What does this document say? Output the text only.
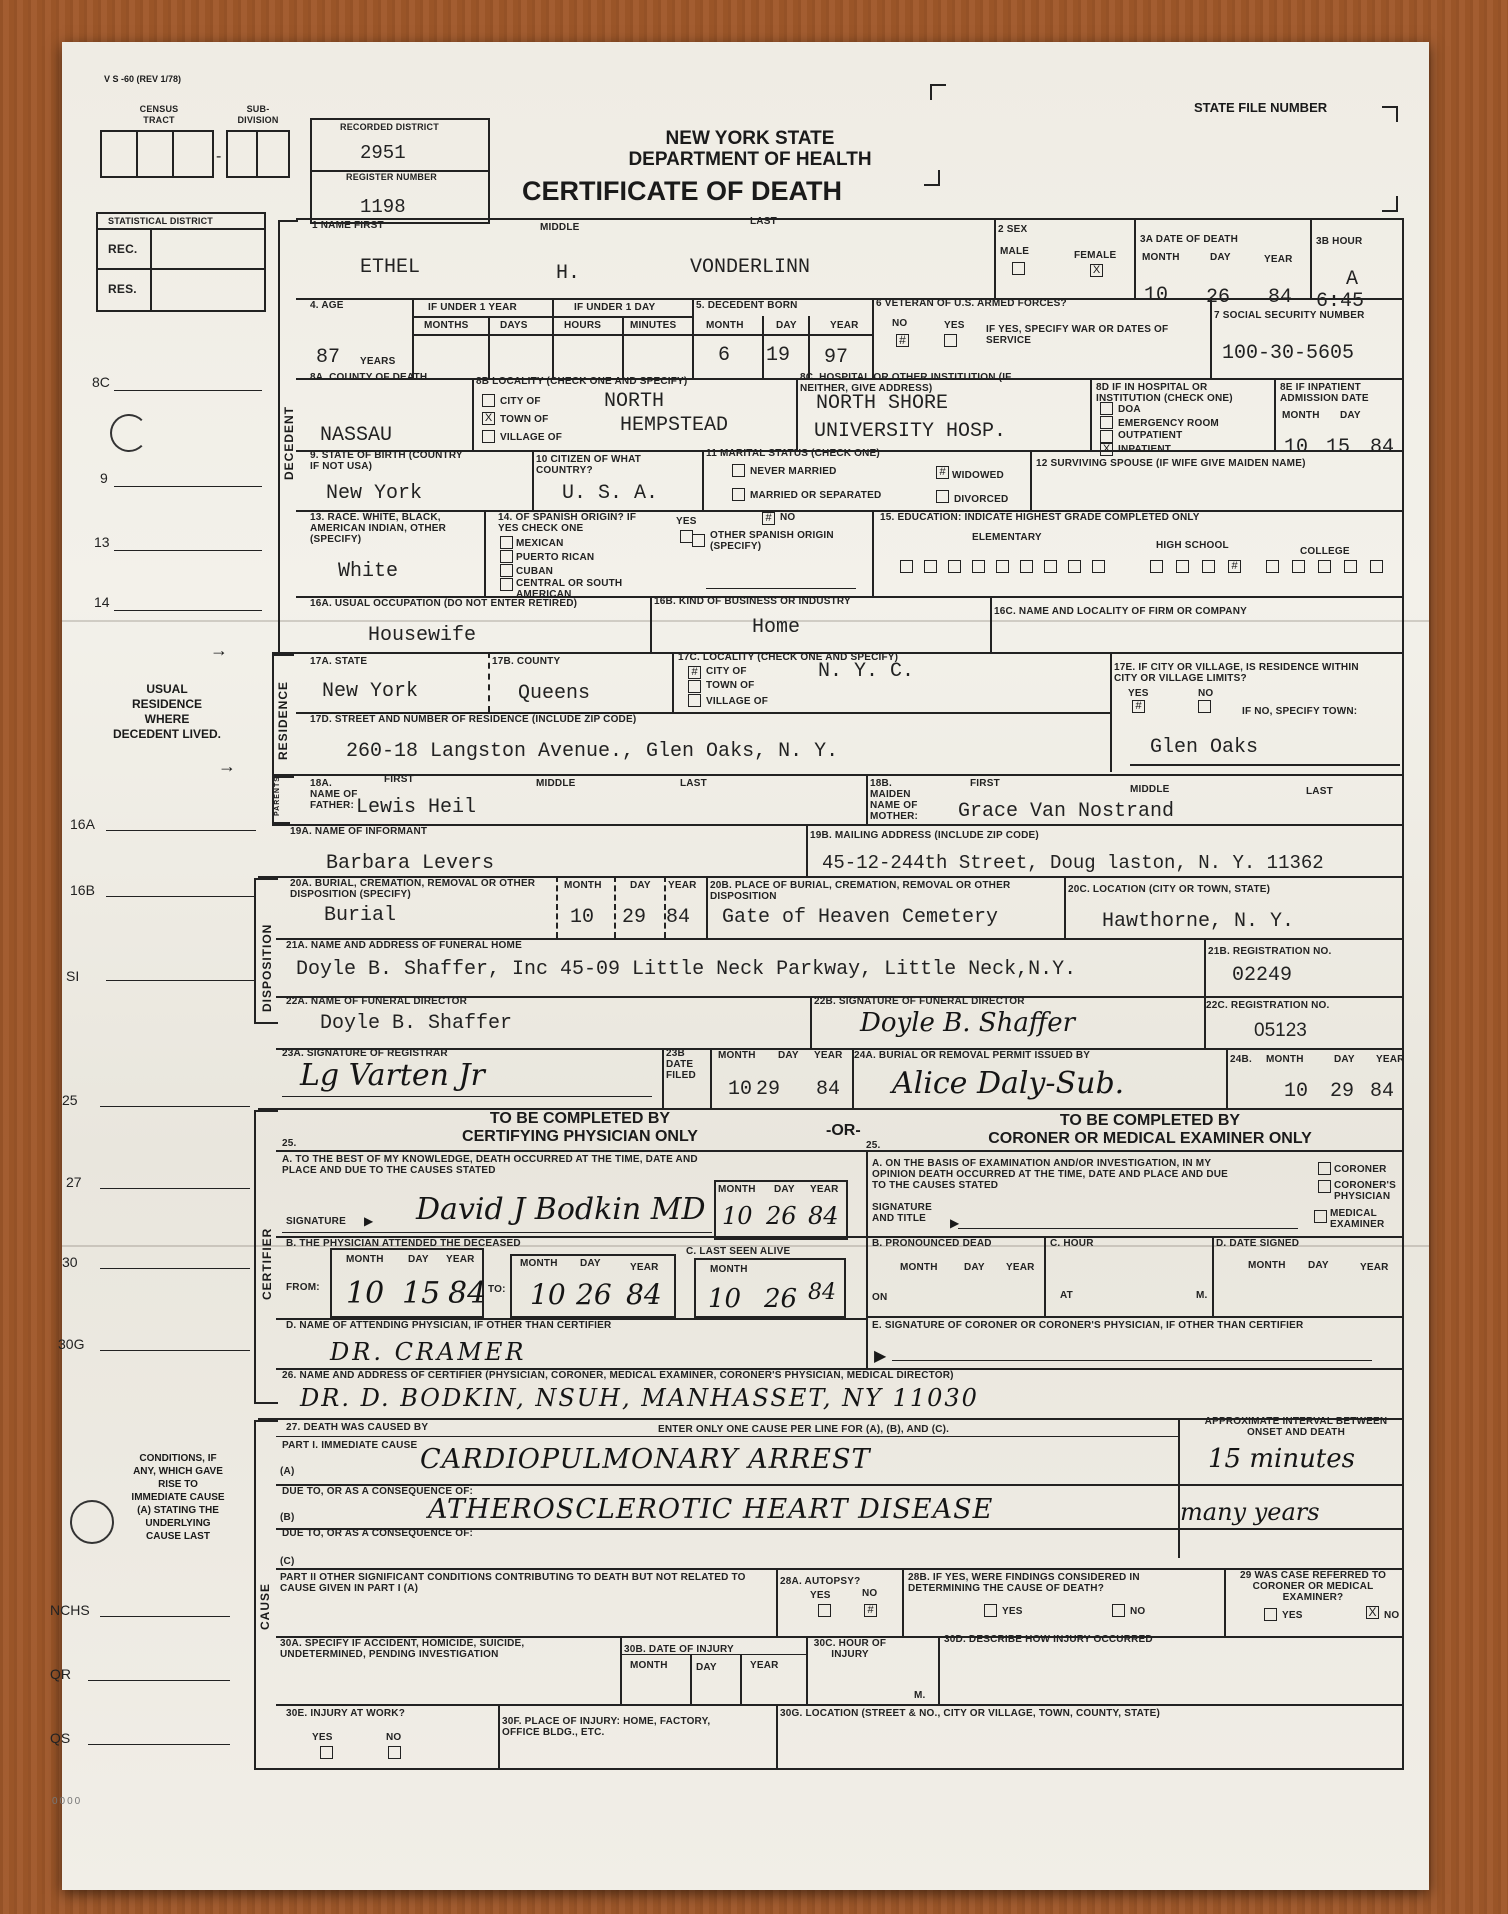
V S -60 (REV 1/78)
CENSUS TRACT
SUB- DIVISION
-
RECORDED DISTRICT
2951
REGISTER NUMBER
1198
NEW YORK STATE
DEPARTMENT OF HEALTH
CERTIFICATE OF DEATH
STATE FILE NUMBER
STATISTICAL DISTRICT
REC.
RES.
8C
9
13
14
16A
16B
SI
25
27
30
30G
NCHS
QR
QS
USUAL RESIDENCE WHERE DECEDENT LIVED.
CONDITIONS, IF ANY, WHICH GAVE RISE TO IMMEDIATE CAUSE (A) STATING THE UNDERLYING CAUSE LAST
→
→
DECEDENT
1 NAME FIRST	MIDDLE
LAST
ETHEL	H.	VONDERLINN
2 SEX
MALE	FEMALE
X
3A DATE OF DEATH	3B HOUR
MONTH	DAY	YEAR
10 26 84
A
6:45
4. AGE
87 YEARS
IF UNDER 1 YEAR	IF UNDER 1 DAY
MONTHS	DAYS	HOURS	MINUTES
5. DECEDENT BORN
MONTH	DAY	YEAR
6 19 97
6 VETERAN OF U.S. ARMED FORCES?
NO	YES
#
IF YES, SPECIFY WAR OR DATES OF SERVICE
7 SOCIAL SECURITY NUMBER
100-30-5605
8A. COUNTY OF DEATH
NASSAU
8B LOCALITY (CHECK ONE AND SPECIFY)
CITY OF
X TOWN OF
VILLAGE OF
NORTH
HEMPSTEAD
8C. HOSPITAL OR OTHER INSTITUTION (IF NEITHER, GIVE ADDRESS)
NORTH SHORE
UNIVERSITY HOSP.
8D IF IN HOSPITAL OR INSTITUTION (CHECK ONE)
DOA
EMERGENCY ROOM
OUTPATIENT
X INPATIENT
8E IF INPATIENT ADMISSION DATE
MONTH DAY
10 15 84
9. STATE OF BIRTH (COUNTRY IF NOT USA)
New York
10 CITIZEN OF WHAT COUNTRY?
U. S. A.
11 MARITAL STATUS (CHECK ONE)
NEVER MARRIED	# WIDOWED
MARRIED OR SEPARATED	DIVORCED
12 SURVIVING SPOUSE (IF WIFE GIVE MAIDEN NAME)
13. RACE. WHITE, BLACK, AMERICAN INDIAN, OTHER (SPECIFY)
White
14. OF SPANISH ORIGIN? IF YES CHECK ONE
MEXICAN
PUERTO RICAN
CUBAN
CENTRAL OR SOUTH AMERICAN
YES	NO
#
OTHER SPANISH ORIGIN (SPECIFY)
15. EDUCATION: INDICATE HIGHEST GRADE COMPLETED ONLY
ELEMENTARY
HIGH SCHOOL
COLLEGE
#
16A. USUAL OCCUPATION (DO NOT ENTER RETIRED)
Housewife
16B. KIND OF BUSINESS OR INDUSTRY
Home
16C. NAME AND LOCALITY OF FIRM OR COMPANY
RESIDENCE
17A. STATE
New York
17B. COUNTY
Queens
17C. LOCALITY (CHECK ONE AND SPECIFY)
# CITY OF
TOWN OF
VILLAGE OF
N. Y. C.	17E. IF CITY OR VILLAGE, IS RESIDENCE WITHIN CITY OR VILLAGE LIMITS?
YES	NO
#	IF NO, SPECIFY TOWN:
17D. STREET AND NUMBER OF RESIDENCE (INCLUDE ZIP CODE)
260-18 Langston Avenue., Glen Oaks, N. Y.	Glen Oaks
PARENTS	18A. NAME OF FATHER:
FIRST	MIDDLE	LAST
Lewis Heil
18B. MAIDEN NAME OF MOTHER:
FIRST
MIDDLE	LAST
Grace Van Nostrand
19A. NAME OF INFORMANT
Barbara Levers
19B. MAILING ADDRESS (INCLUDE ZIP CODE)
45-12-244th Street, Doug laston, N. Y. 11362
DISPOSITION
20A. BURIAL, CREMATION, REMOVAL OR OTHER DISPOSITION (SPECIFY)
Burial
MONTH	DAY YEAR
10 29 84
20B. PLACE OF BURIAL, CREMATION, REMOVAL OR OTHER DISPOSITION
Gate of Heaven Cemetery
20C. LOCATION (CITY OR TOWN, STATE)
Hawthorne, N. Y.
21A. NAME AND ADDRESS OF FUNERAL HOME
Doyle B. Shaffer, Inc 45-09 Little Neck Parkway, Little Neck,N.Y.
21B. REGISTRATION NO.
02249
22A. NAME OF FUNERAL DIRECTOR
Doyle B. Shaffer
22B. SIGNATURE OF FUNERAL DIRECTOR
Doyle B. Shaffer
22C. REGISTRATION NO.
05123
23A. SIGNATURE OF REGISTRAR
Lg Varten Jr
23B DATE FILED
MONTH DAY YEAR
10 29 84
24A. BURIAL OR REMOVAL PERMIT ISSUED BY
Alice Daly-Sub.
24B. MONTH	DAY YEAR
10 29 84
CERTIFIER
TO BE COMPLETED BY
CERTIFYING PHYSICIAN ONLY	-OR-
TO BE COMPLETED BY
CORONER OR MEDICAL EXAMINER ONLY
25.	25.
A. TO THE BEST OF MY KNOWLEDGE, DEATH OCCURRED AT THE TIME, DATE AND PLACE AND DUE TO THE CAUSES STATED
SIGNATURE ▶ David J Bodkin MD
MONTH DAY YEAR
10 26 84
B. THE PHYSICIAN ATTENDED THE DECEASED
C. LAST SEEN ALIVE
FROM:
MONTH DAY YEAR
10 15 84 TO:
MONTH DAY	YEAR
10 26 84
MONTH
10 26 84
D. NAME OF ATTENDING PHYSICIAN, IF OTHER THAN CERTIFIER
DR. CRAMER
A. ON THE BASIS OF EXAMINATION AND/OR INVESTIGATION, IN MY OPINION DEATH OCCURRED AT THE TIME, DATE AND PLACE AND DUE TO THE CAUSES STATED
CORONER
CORONER'S PHYSICIAN
MEDICAL EXAMINER
SIGNATURE AND TITLE	▶
B. PRONOUNCED DEAD	C. HOUR	D. DATE SIGNED
MONTH	DAY YEAR	MONTH DAY	YEAR
ON	AT	M.
E. SIGNATURE OF CORONER OR CORONER'S PHYSICIAN, IF OTHER THAN CERTIFIER
▶
26. NAME AND ADDRESS OF CERTIFIER (PHYSICIAN, CORONER, MEDICAL EXAMINER, CORONER'S PHYSICIAN, MEDICAL DIRECTOR)
DR. D. BODKIN, NSUH, MANHASSET, NY 11030
CAUSE
27. DEATH WAS CAUSED BY	ENTER ONLY ONE CAUSE PER LINE FOR (A), (B), AND (C).
APPROXIMATE INTERVAL BETWEEN ONSET AND DEATH
PART I. IMMEDIATE CAUSE
(A)	CARDIOPULMONARY ARREST	15 minutes
DUE TO, OR AS A CONSEQUENCE OF:
(B)	ATHEROSCLEROTIC HEART DISEASE	many years
DUE TO, OR AS A CONSEQUENCE OF:
(C)
PART II OTHER SIGNIFICANT CONDITIONS CONTRIBUTING TO DEATH BUT NOT RELATED TO CAUSE GIVEN IN PART I (A)
28A. AUTOPSY?
YES	NO
#
28B. IF YES, WERE FINDINGS CONSIDERED IN DETERMINING THE CAUSE OF DEATH?
YES	NO
29 WAS CASE REFERRED TO CORONER OR MEDICAL EXAMINER?
YES	X NO
30A. SPECIFY IF ACCIDENT, HOMICIDE, SUICIDE, UNDETERMINED, PENDING INVESTIGATION	30B. DATE OF INJURY
MONTH	DAY	YEAR
30C. HOUR OF INJURY
M.
30D. DESCRIBE HOW INJURY OCCURRED
30E. INJURY AT WORK?
YES	NO
30F. PLACE OF INJURY: HOME, FACTORY, OFFICE BLDG., ETC.
30G. LOCATION (STREET & NO., CITY OR VILLAGE, TOWN, COUNTY, STATE)
0000
